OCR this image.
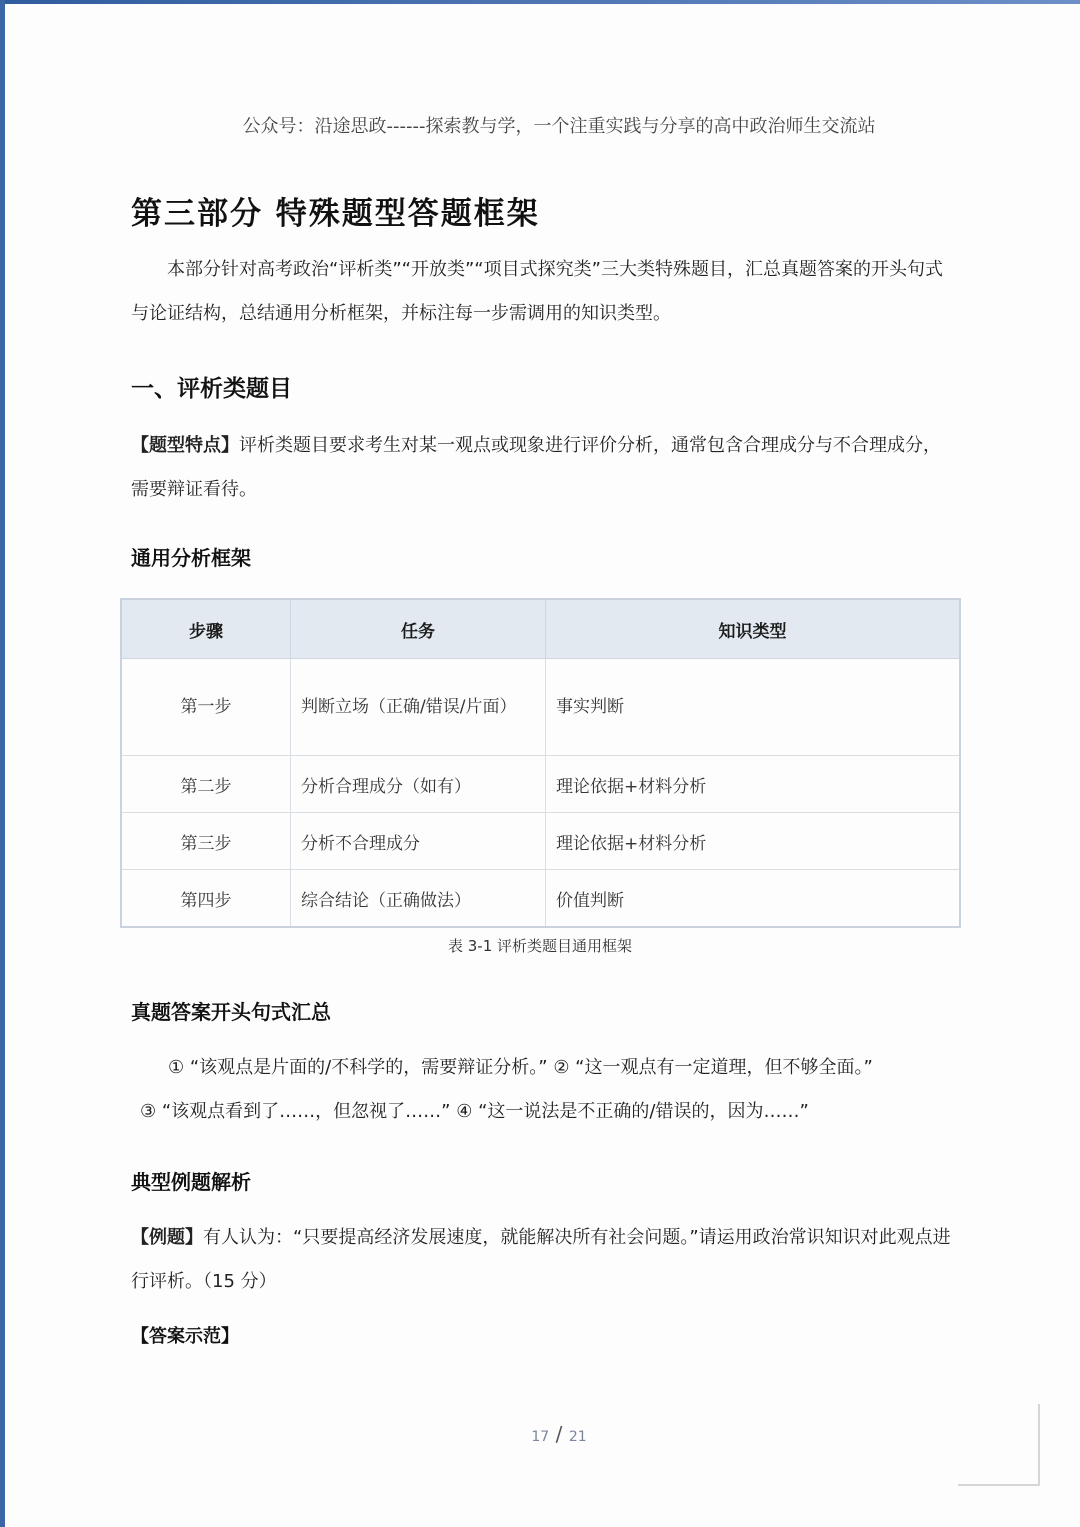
公众号：沿途思政------探索教与学，一个注重实践与分享的高中政治师生交流站
第三部分 特殊题型答题框架
本部分针对高考政治“评析类”“开放类”“项目式探究类”三大类特殊题目，汇总真题答案的开头句式与论证结构，总结通用分析框架，并标注每一步需调用的知识类型。
一、评析类题目
【题型特点】评析类题目要求考生对某一观点或现象进行评价分析，通常包含合理成分与不合理成分，需要辩证看待。
通用分析框架
步骤	任务	知识类型
第一步	判断立场（正确/错误/片面）	事实判断
第二步	分析合理成分（如有）	理论依据+材料分析
第三步	分析不合理成分	理论依据+材料分析
第四步	综合结论（正确做法）	价值判断
表 3-1 评析类题目通用框架
真题答案开头句式汇总
① “该观点是片面的/不科学的，需要辩证分析。” ② “这一观点有一定道理，但不够全面。”
③ “该观点看到了……，但忽视了……” ④ “这一说法是不正确的/错误的，因为……”
典型例题解析
【例题】有人认为：“只要提高经济发展速度，就能解决所有社会问题。”请运用政治常识知识对此观点进行评析。（15 分）
【答案示范】
17 / 21
